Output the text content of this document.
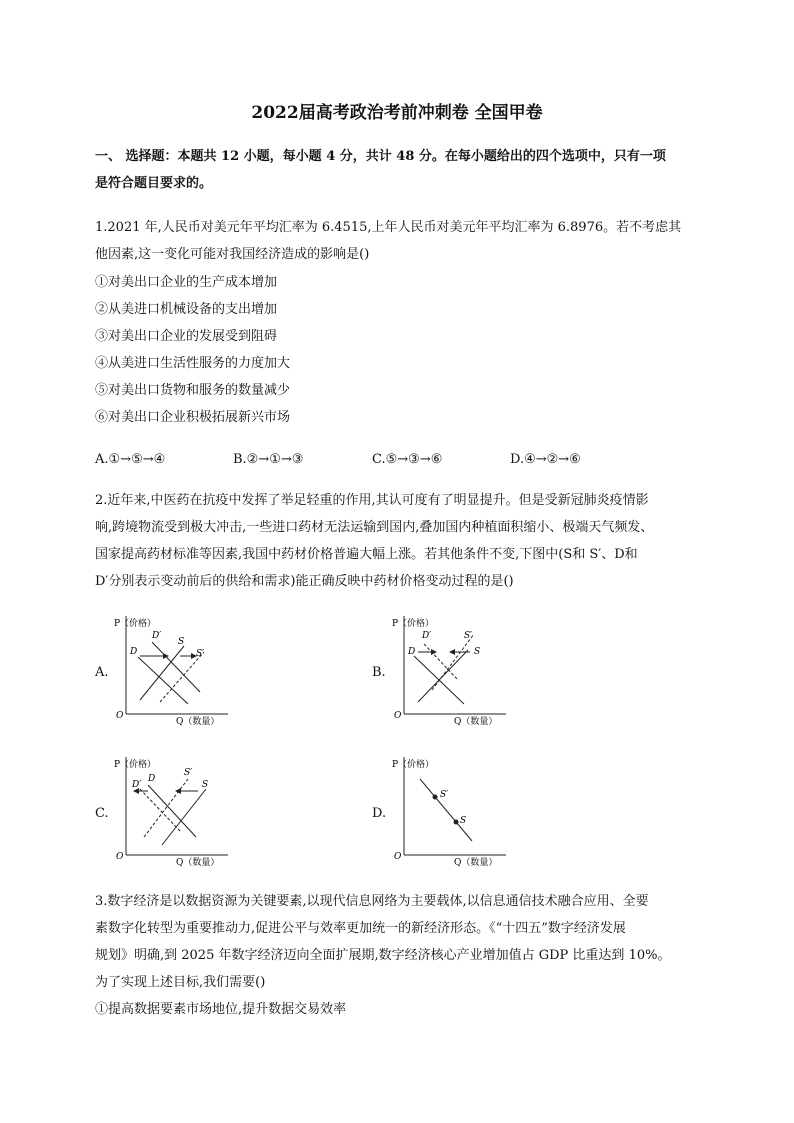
2022届高考政治考前冲刺卷 全国甲卷
一、 选择题：本题共 12 小题，每小题 4 分，共计 48 分。在每小题给出的四个选项中，只有一项
是符合题目要求的。
1.2021 年,人民币对美元年平均汇率为 6.4515,上年人民币对美元年平均汇率为 6.8976。若不考虑其
他因素,这一变化可能对我国经济造成的影响是()
①对美出口企业的生产成本增加
②从美进口机械设备的支出增加
③对美出口企业的发展受到阻碍
④从美进口生活性服务的力度加大
⑤对美出口货物和服务的数量减少
⑥对美出口企业积极拓展新兴市场
A.①→⑤→④	B.②→①→③	C.⑤→③→⑥	D.④→②→⑥
2.近年来,中医药在抗疫中发挥了举足轻重的作用,其认可度有了明显提升。但是受新冠肺炎疫情影
响,跨境物流受到极大冲击,一些进口药材无法运输到国内,叠加国内种植面积缩小、极端天气频发、
国家提高药材标准等因素,我国中药材价格普遍大幅上涨。若其他条件不变,下图中(S和 S′、D和
D′分别表示变动前后的供给和需求)能正确反映中药材价格变动过程的是()
A.	B.
C.	D.
P（价格）
Q（数量）
O
D′
D
S
S′
P（价格）
Q（数量）
O
D′
D
S′
S
P（价格）
Q（数量）
O
D′
D
S′
S
P（价格）
Q（数量）
O
S′
S
3.数字经济是以数据资源为关键要素,以现代信息网络为主要载体,以信息通信技术融合应用、全要
素数字化转型为重要推动力,促进公平与效率更加统一的新经济形态。《“十四五”数字经济发展
规划》明确,到 2025 年数字经济迈向全面扩展期,数字经济核心产业增加值占 GDP 比重达到 10%。
为了实现上述目标,我们需要()
①提高数据要素市场地位,提升数据交易效率
